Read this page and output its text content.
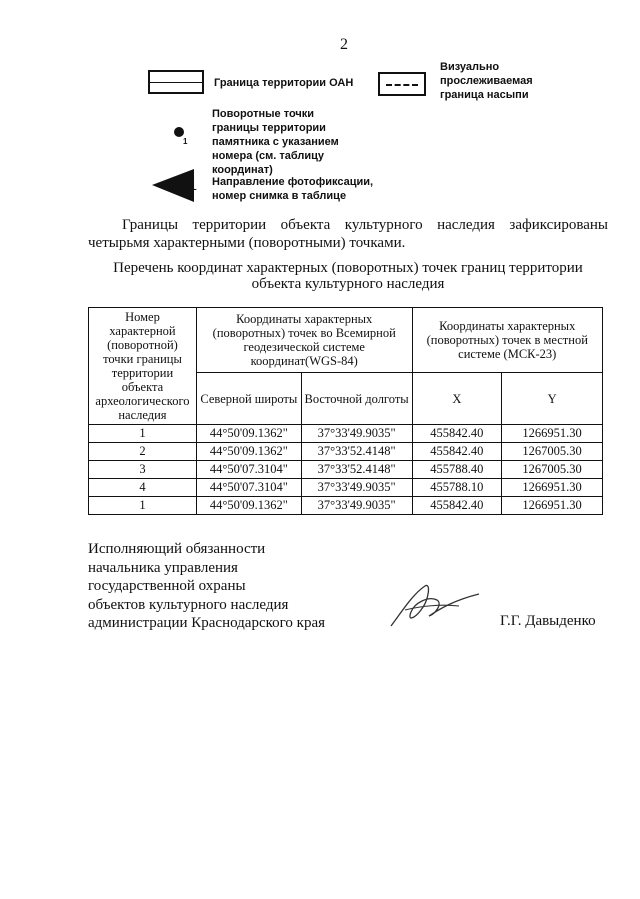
2
Граница территории ОАН
Визуально прослеживаемая граница насыпи
1
Поворотные точки границы территории памятника с указанием номера (см. таблицу координат)
1 Направление фотофиксации, номер снимка в таблице
Границы территории объекта культурного наследия зафиксированы четырьмя характерными (поворотными) точками.
Перечень координат характерных (поворотных) точек границ территории
объекта культурного наследия
Номер характерной (поворотной) точки границы территории объекта археологического наследия	Координаты характерных (поворотных) точек во Всемирной геодезической системе координат(WGS-84)		Координаты характерных (поворотных) точек в местной системе (МСК-23)	
	Северной широты	Восточной долготы	X	Y
1	44°50'09.1362"	37°33'49.9035"	455842.40	1266951.30
2	44°50'09.1362"	37°33'52.4148"	455842.40	1267005.30
3	44°50'07.3104"	37°33'52.4148"	455788.40	1267005.30
4	44°50'07.3104"	37°33'49.9035"	455788.10	1266951.30
1	44°50'09.1362"	37°33'49.9035"	455842.40	1266951.30
Исполняющий обязанности
начальника управления
государственной охраны
объектов культурного наследия
администрации Краснодарского края	Г.Г. Давыденко
